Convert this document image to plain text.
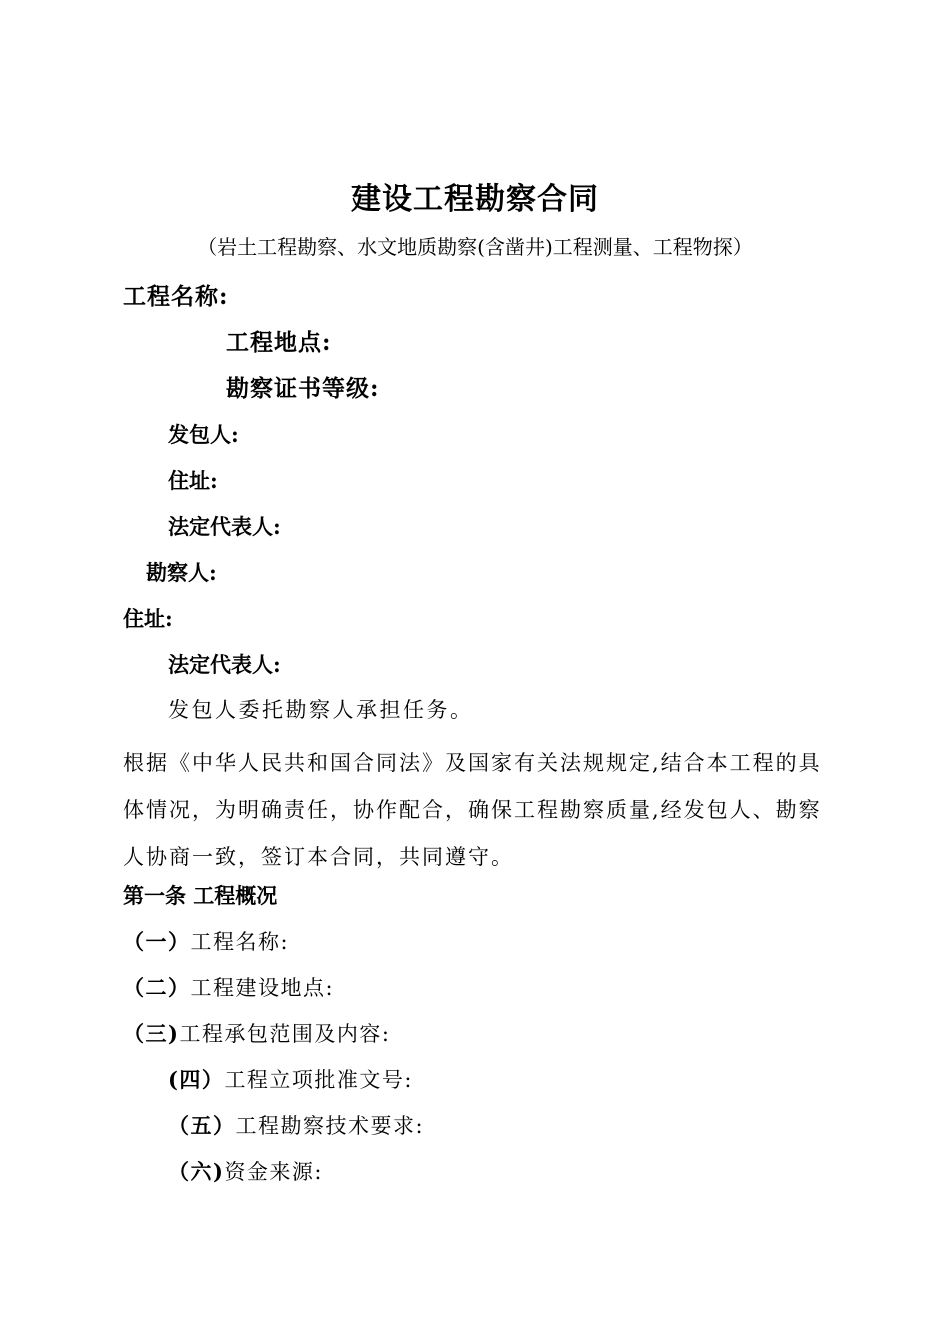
建设工程勘察合同
（岩土工程勘察、水文地质勘察(含凿井)工程测量、工程物探）
工程名称:
工程地点:
勘察证书等级:
发包人:
住址:
法定代表人:
勘察人:
住址:
法定代表人:
发包人委托勘察人承担任务。
根据《中华人民共和国合同法》及国家有关法规规定,结合本工程的具体情况，为明确责任，协作配合，确保工程勘察质量,经发包人、勘察人协商一致，签订本合同，共同遵守。
第一条 工程概况
（一）工程名称:
（二）工程建设地点:
（三)工程承包范围及内容:
(四）工程立项批准文号:
（五）工程勘察技术要求:
（六)资金来源:
